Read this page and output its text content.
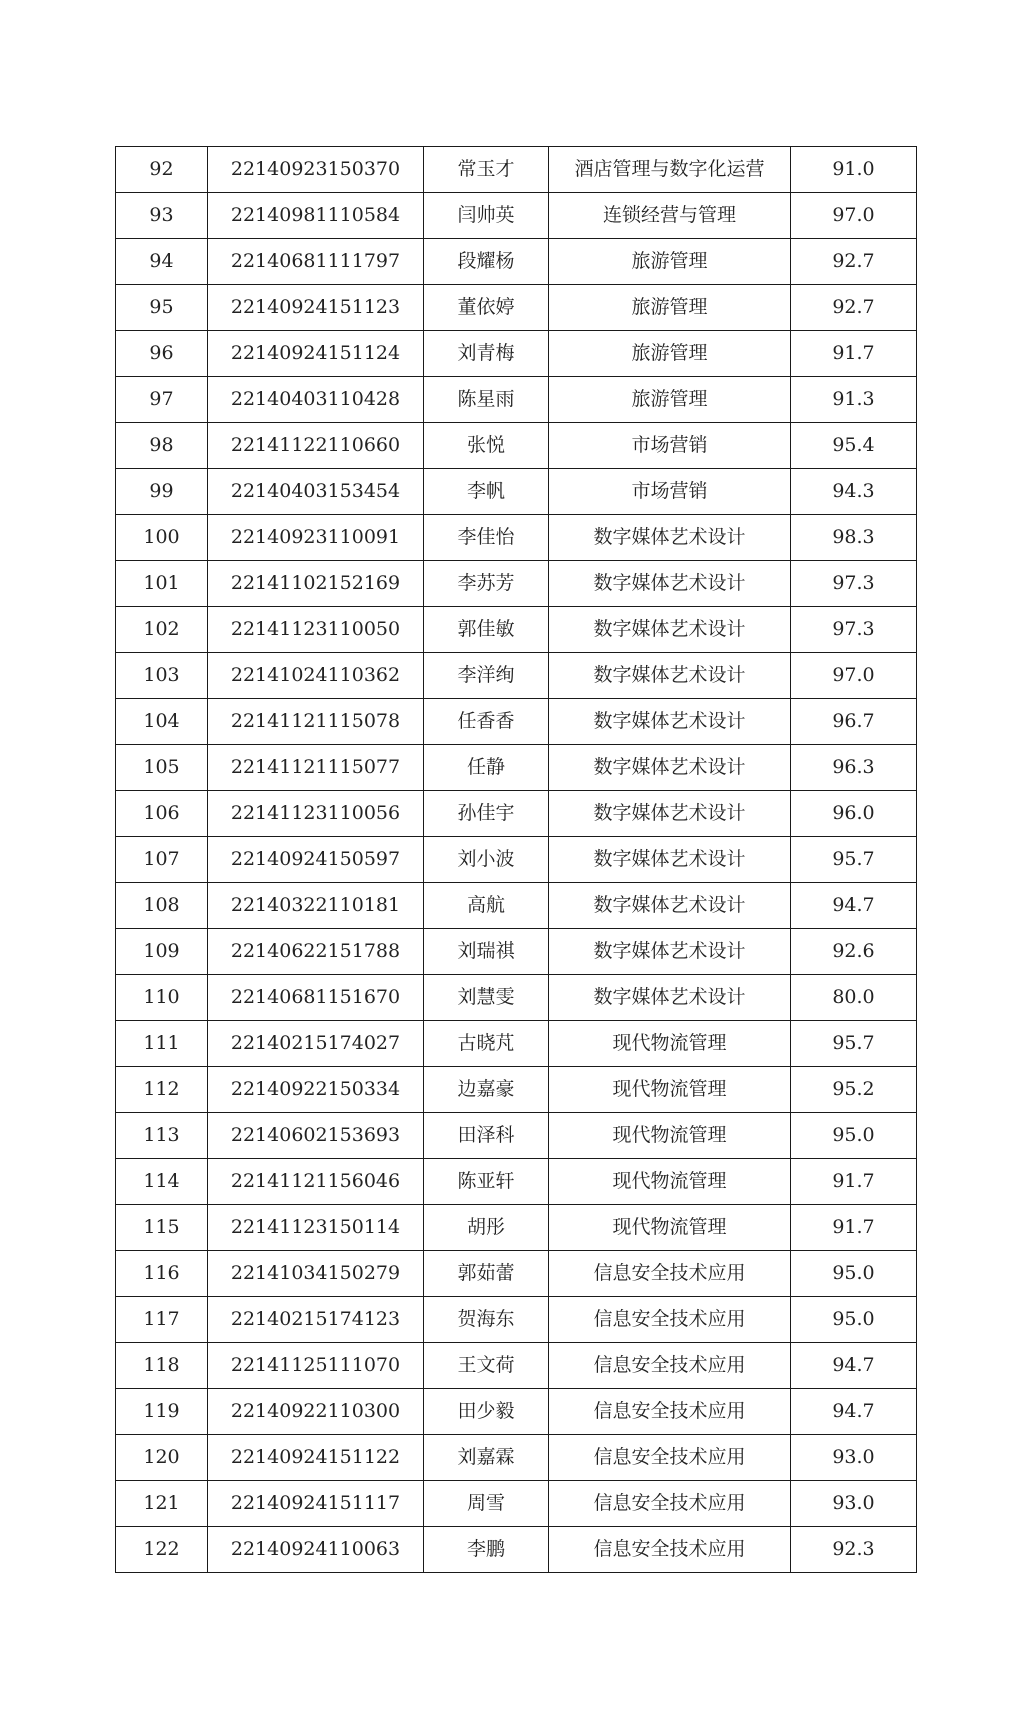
92	22140923150370	常玉才	酒店管理与数字化运营	91.0
93	22140981110584	闫帅英	连锁经营与管理	97.0
94	22140681111797	段耀杨	旅游管理	92.7
95	22140924151123	董依婷	旅游管理	92.7
96	22140924151124	刘青梅	旅游管理	91.7
97	22140403110428	陈星雨	旅游管理	91.3
98	22141122110660	张悦	市场营销	95.4
99	22140403153454	李帆	市场营销	94.3
100	22140923110091	李佳怡	数字媒体艺术设计	98.3
101	22141102152169	李苏芳	数字媒体艺术设计	97.3
102	22141123110050	郭佳敏	数字媒体艺术设计	97.3
103	22141024110362	李洋绚	数字媒体艺术设计	97.0
104	22141121115078	任香香	数字媒体艺术设计	96.7
105	22141121115077	任静	数字媒体艺术设计	96.3
106	22141123110056	孙佳宇	数字媒体艺术设计	96.0
107	22140924150597	刘小波	数字媒体艺术设计	95.7
108	22140322110181	高航	数字媒体艺术设计	94.7
109	22140622151788	刘瑞祺	数字媒体艺术设计	92.6
110	22140681151670	刘慧雯	数字媒体艺术设计	80.0
111	22140215174027	古晓芃	现代物流管理	95.7
112	22140922150334	边嘉豪	现代物流管理	95.2
113	22140602153693	田泽科	现代物流管理	95.0
114	22141121156046	陈亚轩	现代物流管理	91.7
115	22141123150114	胡彤	现代物流管理	91.7
116	22141034150279	郭茹蕾	信息安全技术应用	95.0
117	22140215174123	贺海东	信息安全技术应用	95.0
118	22141125111070	王文荷	信息安全技术应用	94.7
119	22140922110300	田少毅	信息安全技术应用	94.7
120	22140924151122	刘嘉霖	信息安全技术应用	93.0
121	22140924151117	周雪	信息安全技术应用	93.0
122	22140924110063	李鹏	信息安全技术应用	92.3
